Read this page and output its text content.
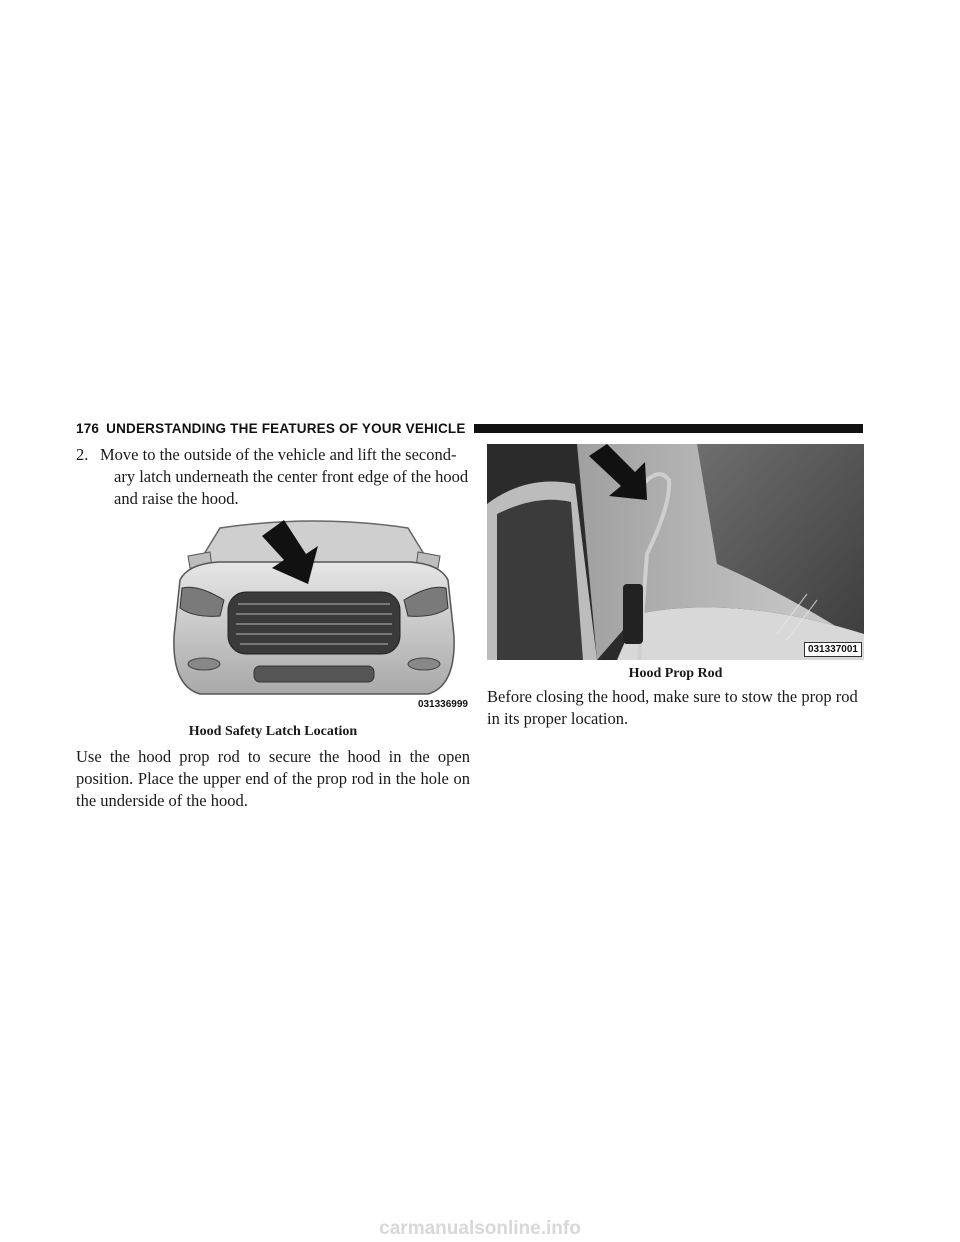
176 UNDERSTANDING THE FEATURES OF YOUR VEHICLE
2. Move to the outside of the vehicle and lift the second-ary latch underneath the center front edge of the hood and raise the hood.
031336999
Hood Safety Latch Location
Use the hood prop rod to secure the hood in the open position. Place the upper end of the prop rod in the hole on the underside of the hood.
031337001
Hood Prop Rod
Before closing the hood, make sure to stow the prop rod in its proper location.
carmanualsonline.info
